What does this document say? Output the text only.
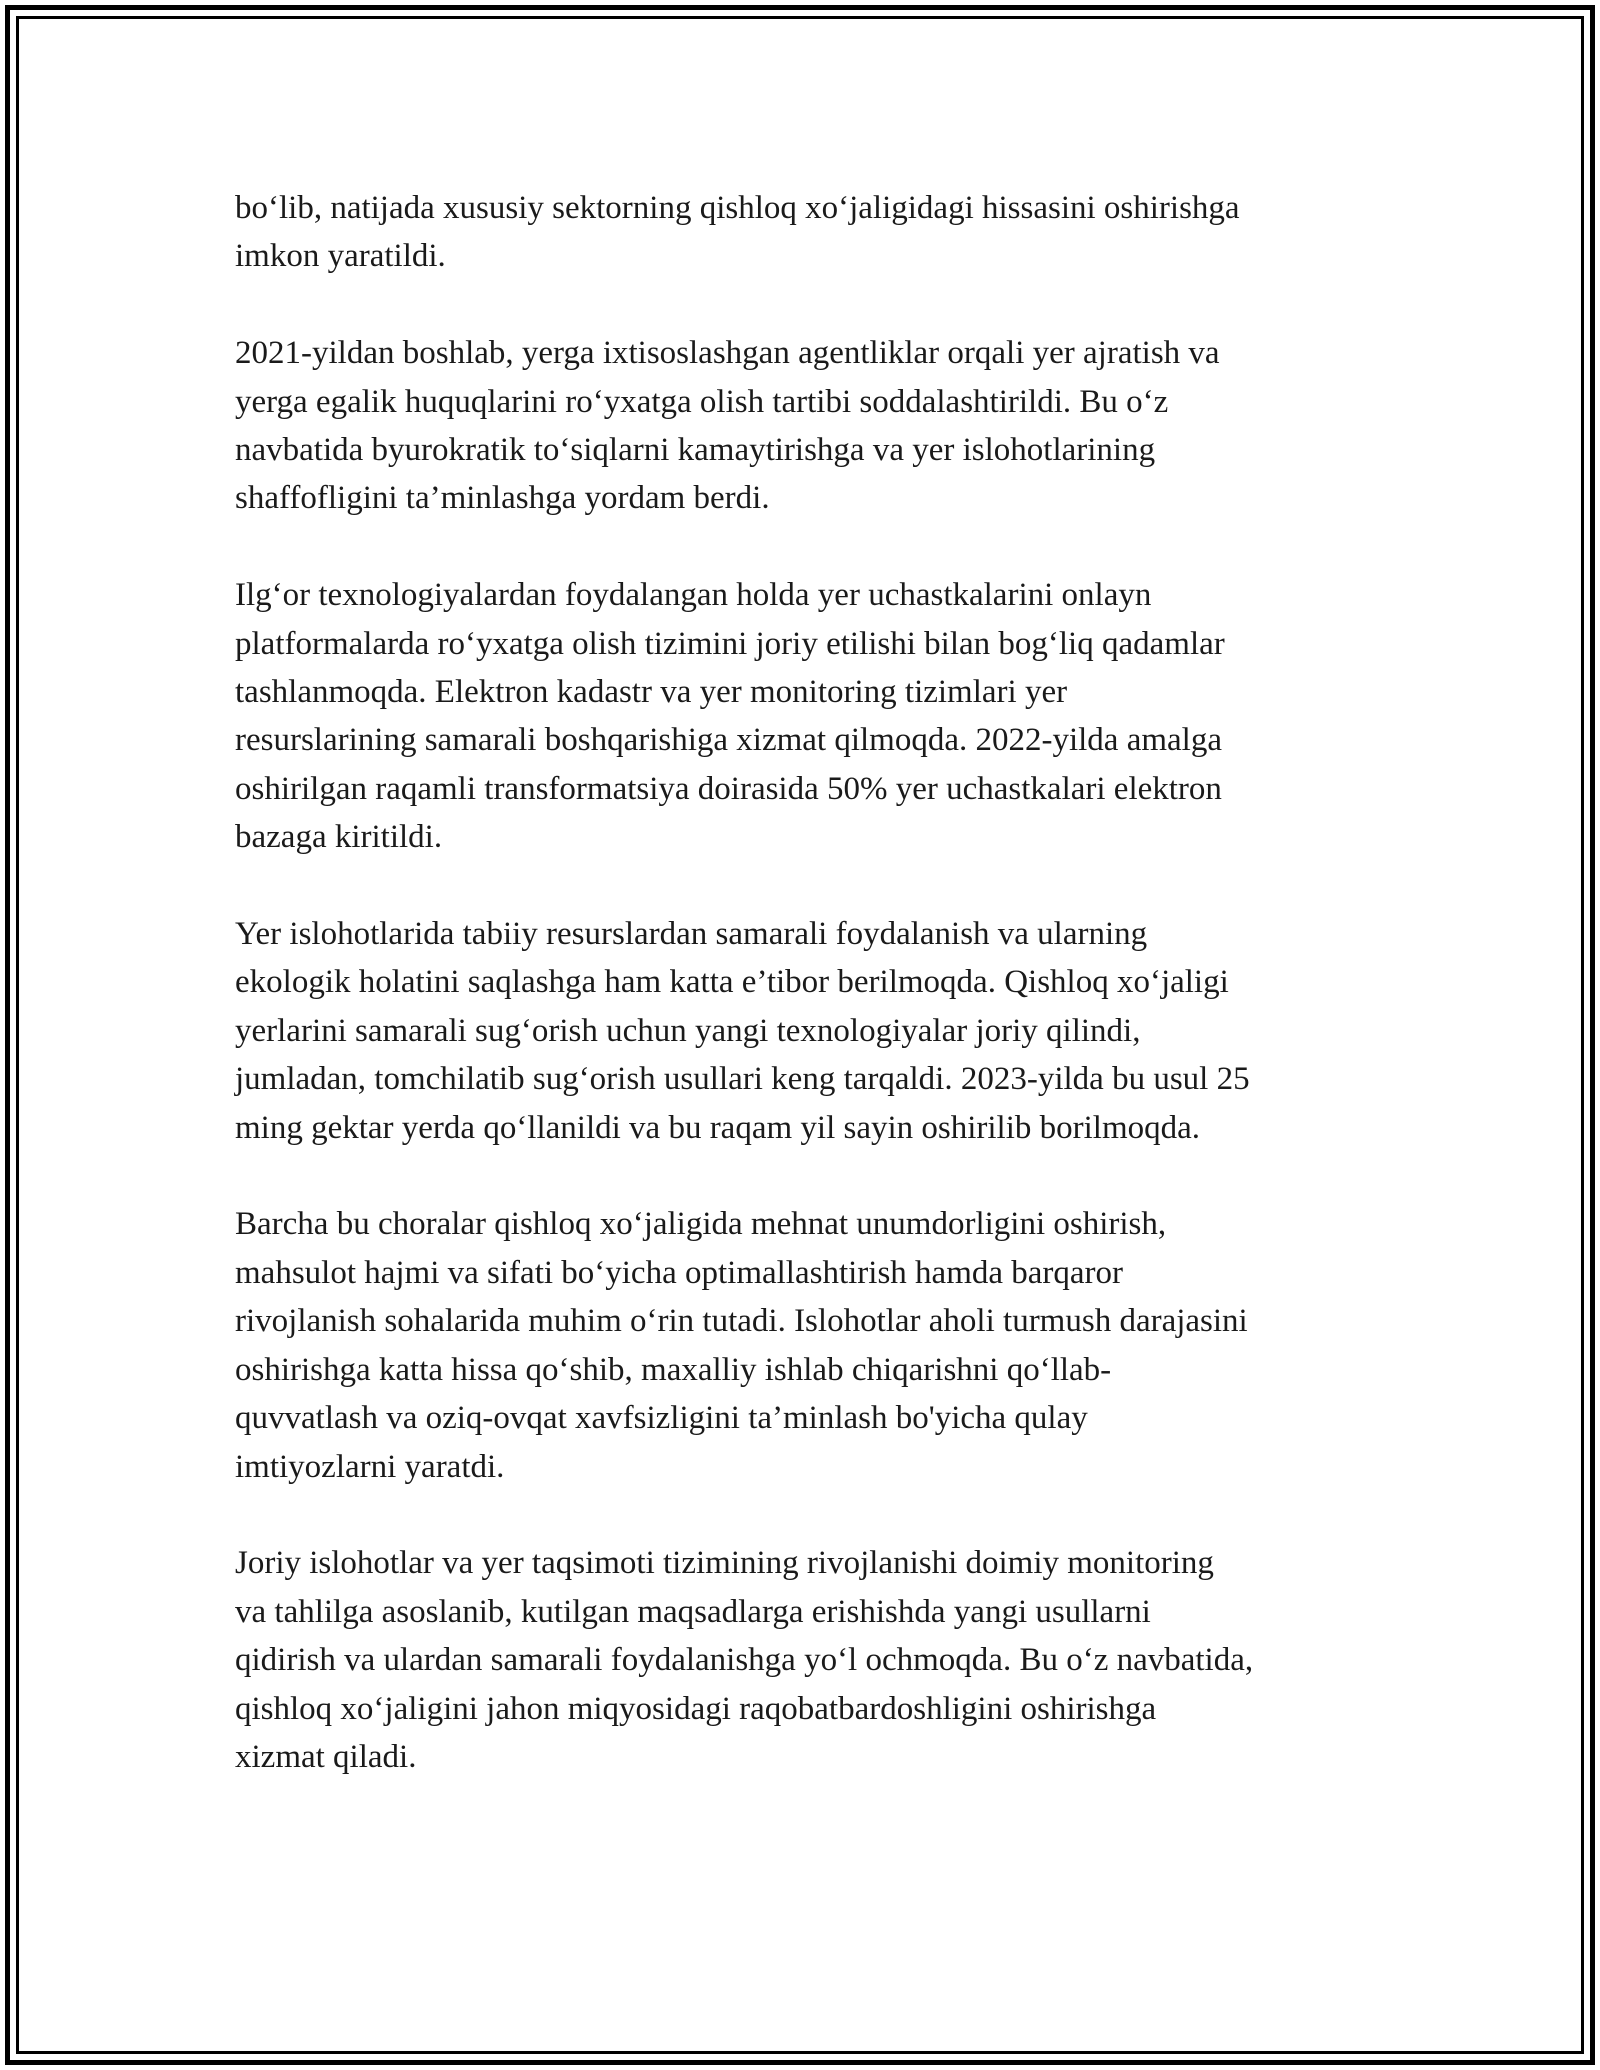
bo‘lib, natijada xususiy sektorning qishloq xo‘jaligidagi hissasini oshirishga
imkon yaratildi.

2021-yildan boshlab, yerga ixtisoslashgan agentliklar orqali yer ajratish va
yerga egalik huquqlarini ro‘yxatga olish tartibi soddalashtirildi. Bu o‘z
navbatida byurokratik to‘siqlarni kamaytirishga va yer islohotlarining
shaffofligini ta’minlashga yordam berdi.

Ilg‘or texnologiyalardan foydalangan holda yer uchastkalarini onlayn
platformalarda ro‘yxatga olish tizimini joriy etilishi bilan bog‘liq qadamlar
tashlanmoqda. Elektron kadastr va yer monitoring tizimlari yer
resurslarining samarali boshqarishiga xizmat qilmoqda. 2022-yilda amalga
oshirilgan raqamli transformatsiya doirasida 50% yer uchastkalari elektron
bazaga kiritildi.

Yer islohotlarida tabiiy resurslardan samarali foydalanish va ularning
ekologik holatini saqlashga ham katta e’tibor berilmoqda. Qishloq xo‘jaligi
yerlarini samarali sug‘orish uchun yangi texnologiyalar joriy qilindi,
jumladan, tomchilatib sug‘orish usullari keng tarqaldi. 2023-yilda bu usul 25
ming gektar yerda qo‘llanildi va bu raqam yil sayin oshirilib borilmoqda.

Barcha bu choralar qishloq xo‘jaligida mehnat unumdorligini oshirish,
mahsulot hajmi va sifati bo‘yicha optimallashtirish hamda barqaror
rivojlanish sohalarida muhim o‘rin tutadi. Islohotlar aholi turmush darajasini
oshirishga katta hissa qo‘shib, maxalliy ishlab chiqarishni qo‘llab-
quvvatlash va oziq-ovqat xavfsizligini ta’minlash bo'yicha qulay
imtiyozlarni yaratdi.

Joriy islohotlar va yer taqsimoti tizimining rivojlanishi doimiy monitoring
va tahlilga asoslanib, kutilgan maqsadlarga erishishda yangi usullarni
qidirish va ulardan samarali foydalanishga yo‘l ochmoqda. Bu o‘z navbatida,
qishloq xo‘jaligini jahon miqyosidagi raqobatbardoshligini oshirishga
xizmat qiladi.
